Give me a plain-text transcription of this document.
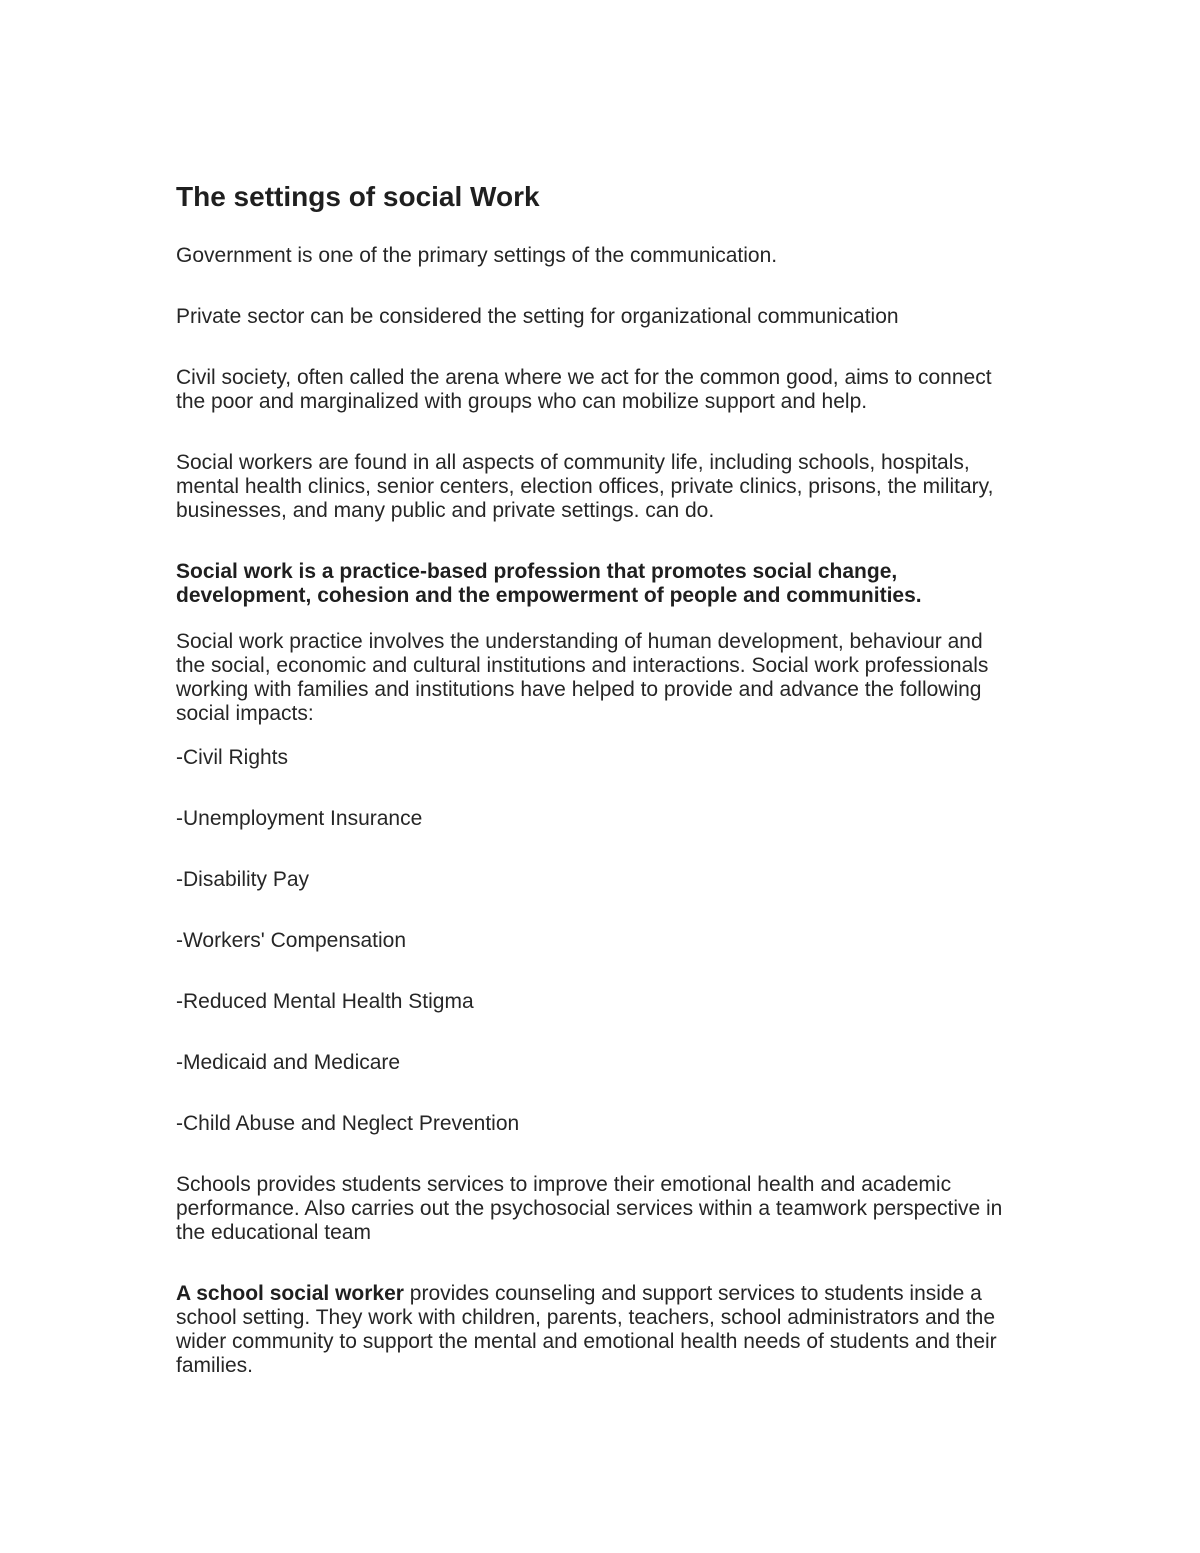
The settings of social Work

Government is one of the primary settings of the communication.

Private sector can be considered the setting for organizational communication

Civil society, often called the arena where we act for the common good, aims to connect the poor and marginalized with groups who can mobilize support and help.

Social workers are found in all aspects of community life, including schools, hospitals, mental health clinics, senior centers, election offices, private clinics, prisons, the military, businesses, and many public and private settings. can do.

Social work is a practice-based profession that promotes social change, development, cohesion and the empowerment of people and communities.

Social work practice involves the understanding of human development, behaviour and the social, economic and cultural institutions and interactions. Social work professionals working with families and institutions have helped to provide and advance the following social impacts:

-Civil Rights

-Unemployment Insurance

-Disability Pay

-Workers' Compensation

-Reduced Mental Health Stigma

-Medicaid and Medicare

-Child Abuse and Neglect Prevention

Schools provides students services to improve their emotional health and academic performance. Also carries out the psychosocial services within a teamwork perspective in the educational team

A school social worker provides counseling and support services to students inside a school setting. They work with children, parents, teachers, school administrators and the wider community to support the mental and emotional health needs of students and their families.
